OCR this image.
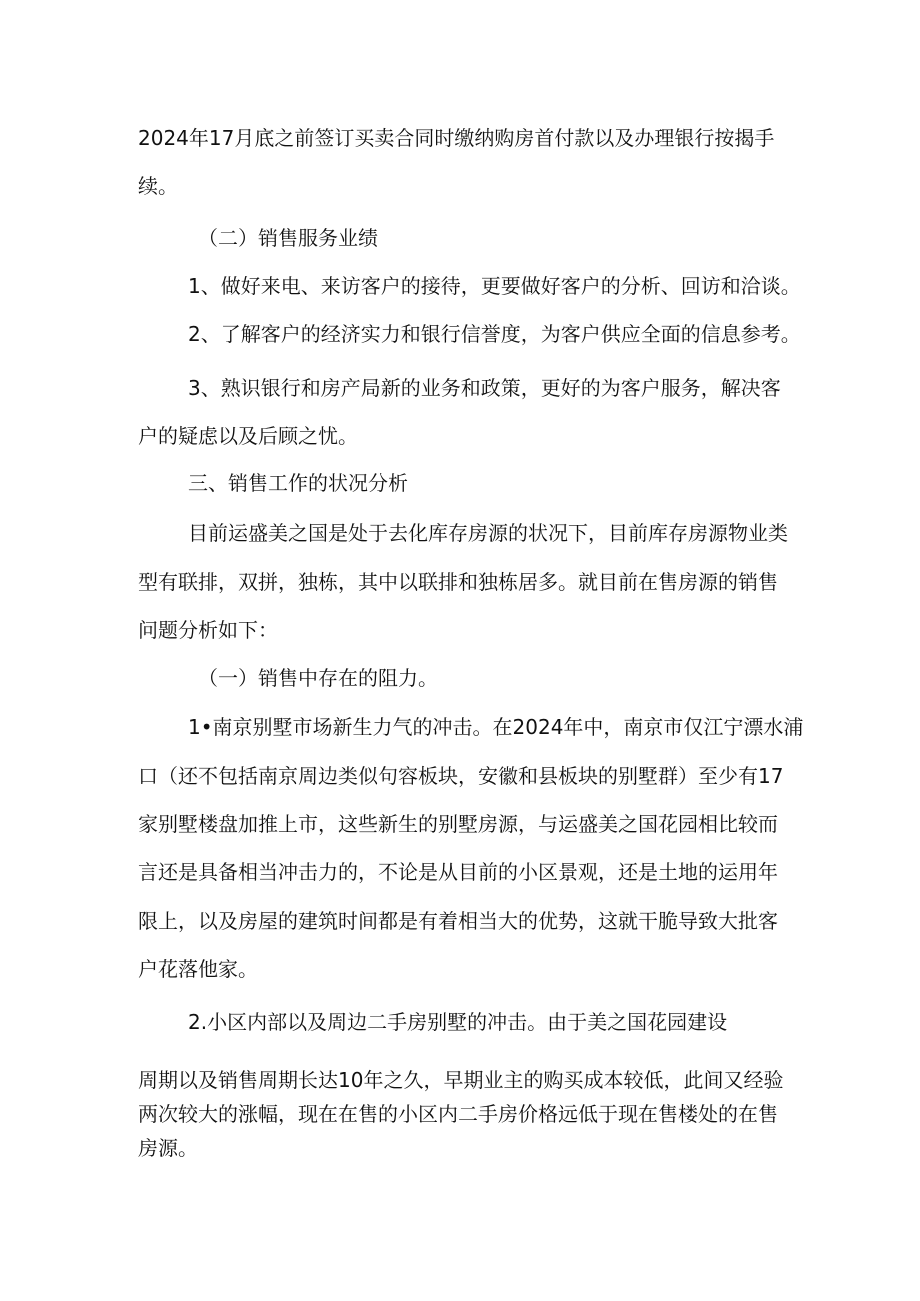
2024年17月底之前签订买卖合同时缴纳购房首付款以及办理银行按揭手
续。
（二）销售服务业绩
1、做好来电、来访客户的接待，更要做好客户的分析、回访和洽谈。
2、了解客户的经济实力和银行信誉度，为客户供应全面的信息参考。
3、熟识银行和房产局新的业务和政策，更好的为客户服务，解决客
户的疑虑以及后顾之忧。
三、销售工作的状况分析
目前运盛美之国是处于去化库存房源的状况下，目前库存房源物业类
型有联排，双拼，独栋，其中以联排和独栋居多。就目前在售房源的销售
问题分析如下：
（一）销售中存在的阻力。
1•南京别墅市场新生力气的冲击。在2024年中，南京市仅江宁漂水浦
口（还不包括南京周边类似句容板块，安徽和县板块的别墅群）至少有17
家别墅楼盘加推上市，这些新生的别墅房源，与运盛美之国花园相比较而
言还是具备相当冲击力的，不论是从目前的小区景观，还是土地的运用年
限上，以及房屋的建筑时间都是有着相当大的优势，这就干脆导致大批客
户花落他家。
2.小区内部以及周边二手房别墅的冲击。由于美之国花园建设
周期以及销售周期长达10年之久，早期业主的购买成本较低，此间又经验
两次较大的涨幅，现在在售的小区内二手房价格远低于现在售楼处的在售
房源。
